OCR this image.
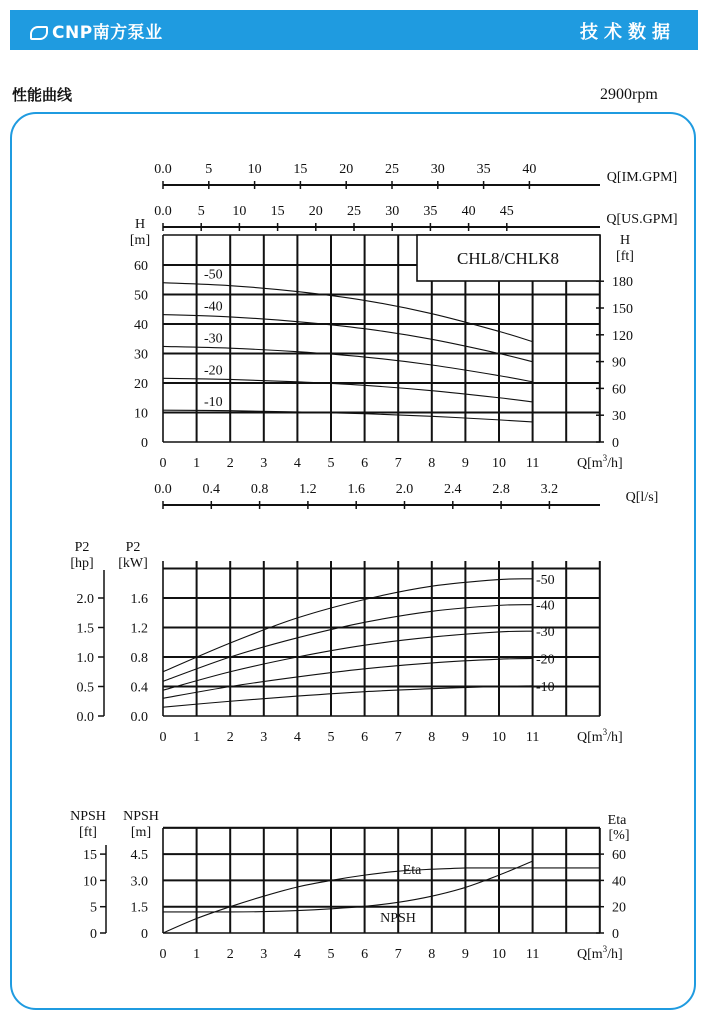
CNP南方泵业	技术数据
性能曲线	2900rpm
0.0 5	10 15 20 25 30 35 40
Q[IM.GPM]
0.0 5 10 15 20 25 30 35 40 45
Q[US.GPM]
0
10
20
30
40
50
60
H
[m]
0
30
60
90
120
150
180
H
[ft]
0 1 2 3 4 5 6 7 8 9 10 11	$Q[m^3/h]$
CHL8/CHLK8
-10
-20
-30
-40
-50
0.0 0.4 0.8 1.2 1.6 2.0 2.4 2.8 3.2
Q[l/s]
0.0
0.4
0.8
1.2
1.6
0.0
0.5
1.0
1.5
2.0
P2
[hp]
P2
[kW]
0 1 2 3 4 5 6 7 8 9 10 11	$Q[m^3/h]$
-10
-20
-30
-40
-50
0
1.5
3.0
4.5
0
5
10
15
NPSH
[ft]
NPSH
[m]
0
20
40
60
Eta
[%]
0 1 2 3 4 5 6 7 8 9 10 11	$Q[m^3/h]$
Eta
NPSH
